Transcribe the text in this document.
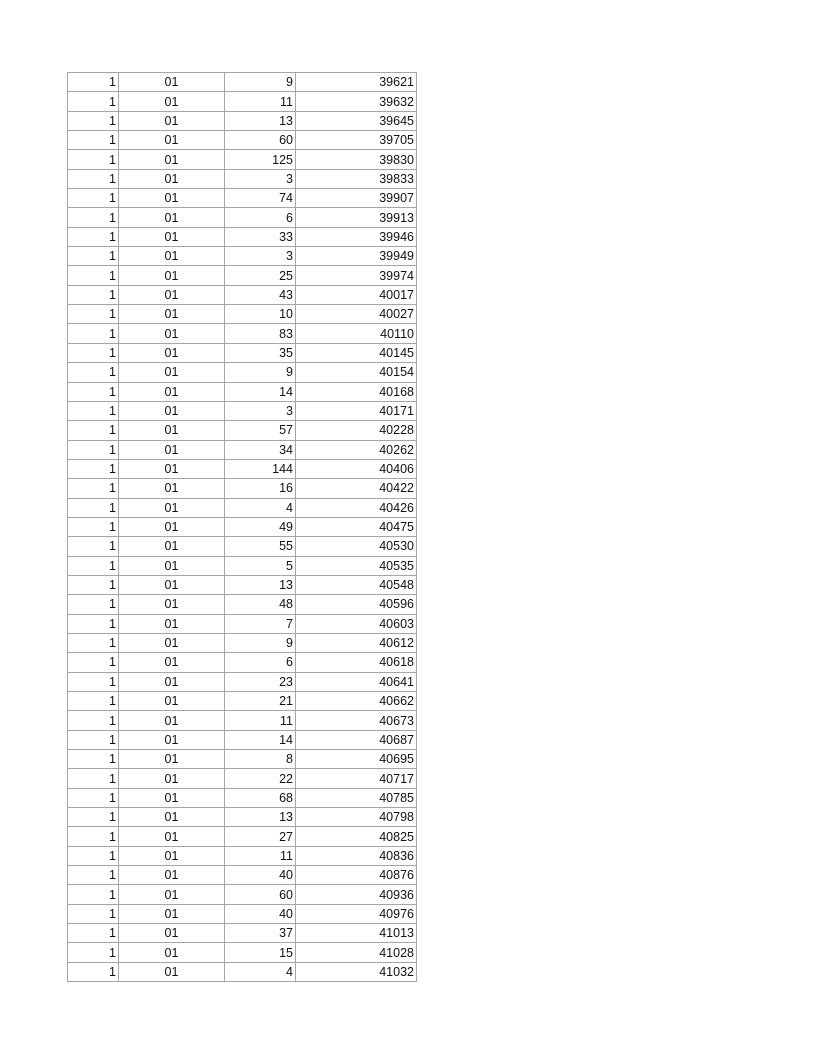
1	01	9	39621
1	01	11	39632
1	01	13	39645
1	01	60	39705
1	01	125	39830
1	01	3	39833
1	01	74	39907
1	01	6	39913
1	01	33	39946
1	01	3	39949
1	01	25	39974
1	01	43	40017
1	01	10	40027
1	01	83	40110
1	01	35	40145
1	01	9	40154
1	01	14	40168
1	01	3	40171
1	01	57	40228
1	01	34	40262
1	01	144	40406
1	01	16	40422
1	01	4	40426
1	01	49	40475
1	01	55	40530
1	01	5	40535
1	01	13	40548
1	01	48	40596
1	01	7	40603
1	01	9	40612
1	01	6	40618
1	01	23	40641
1	01	21	40662
1	01	11	40673
1	01	14	40687
1	01	8	40695
1	01	22	40717
1	01	68	40785
1	01	13	40798
1	01	27	40825
1	01	11	40836
1	01	40	40876
1	01	60	40936
1	01	40	40976
1	01	37	41013
1	01	15	41028
1	01	4	41032
